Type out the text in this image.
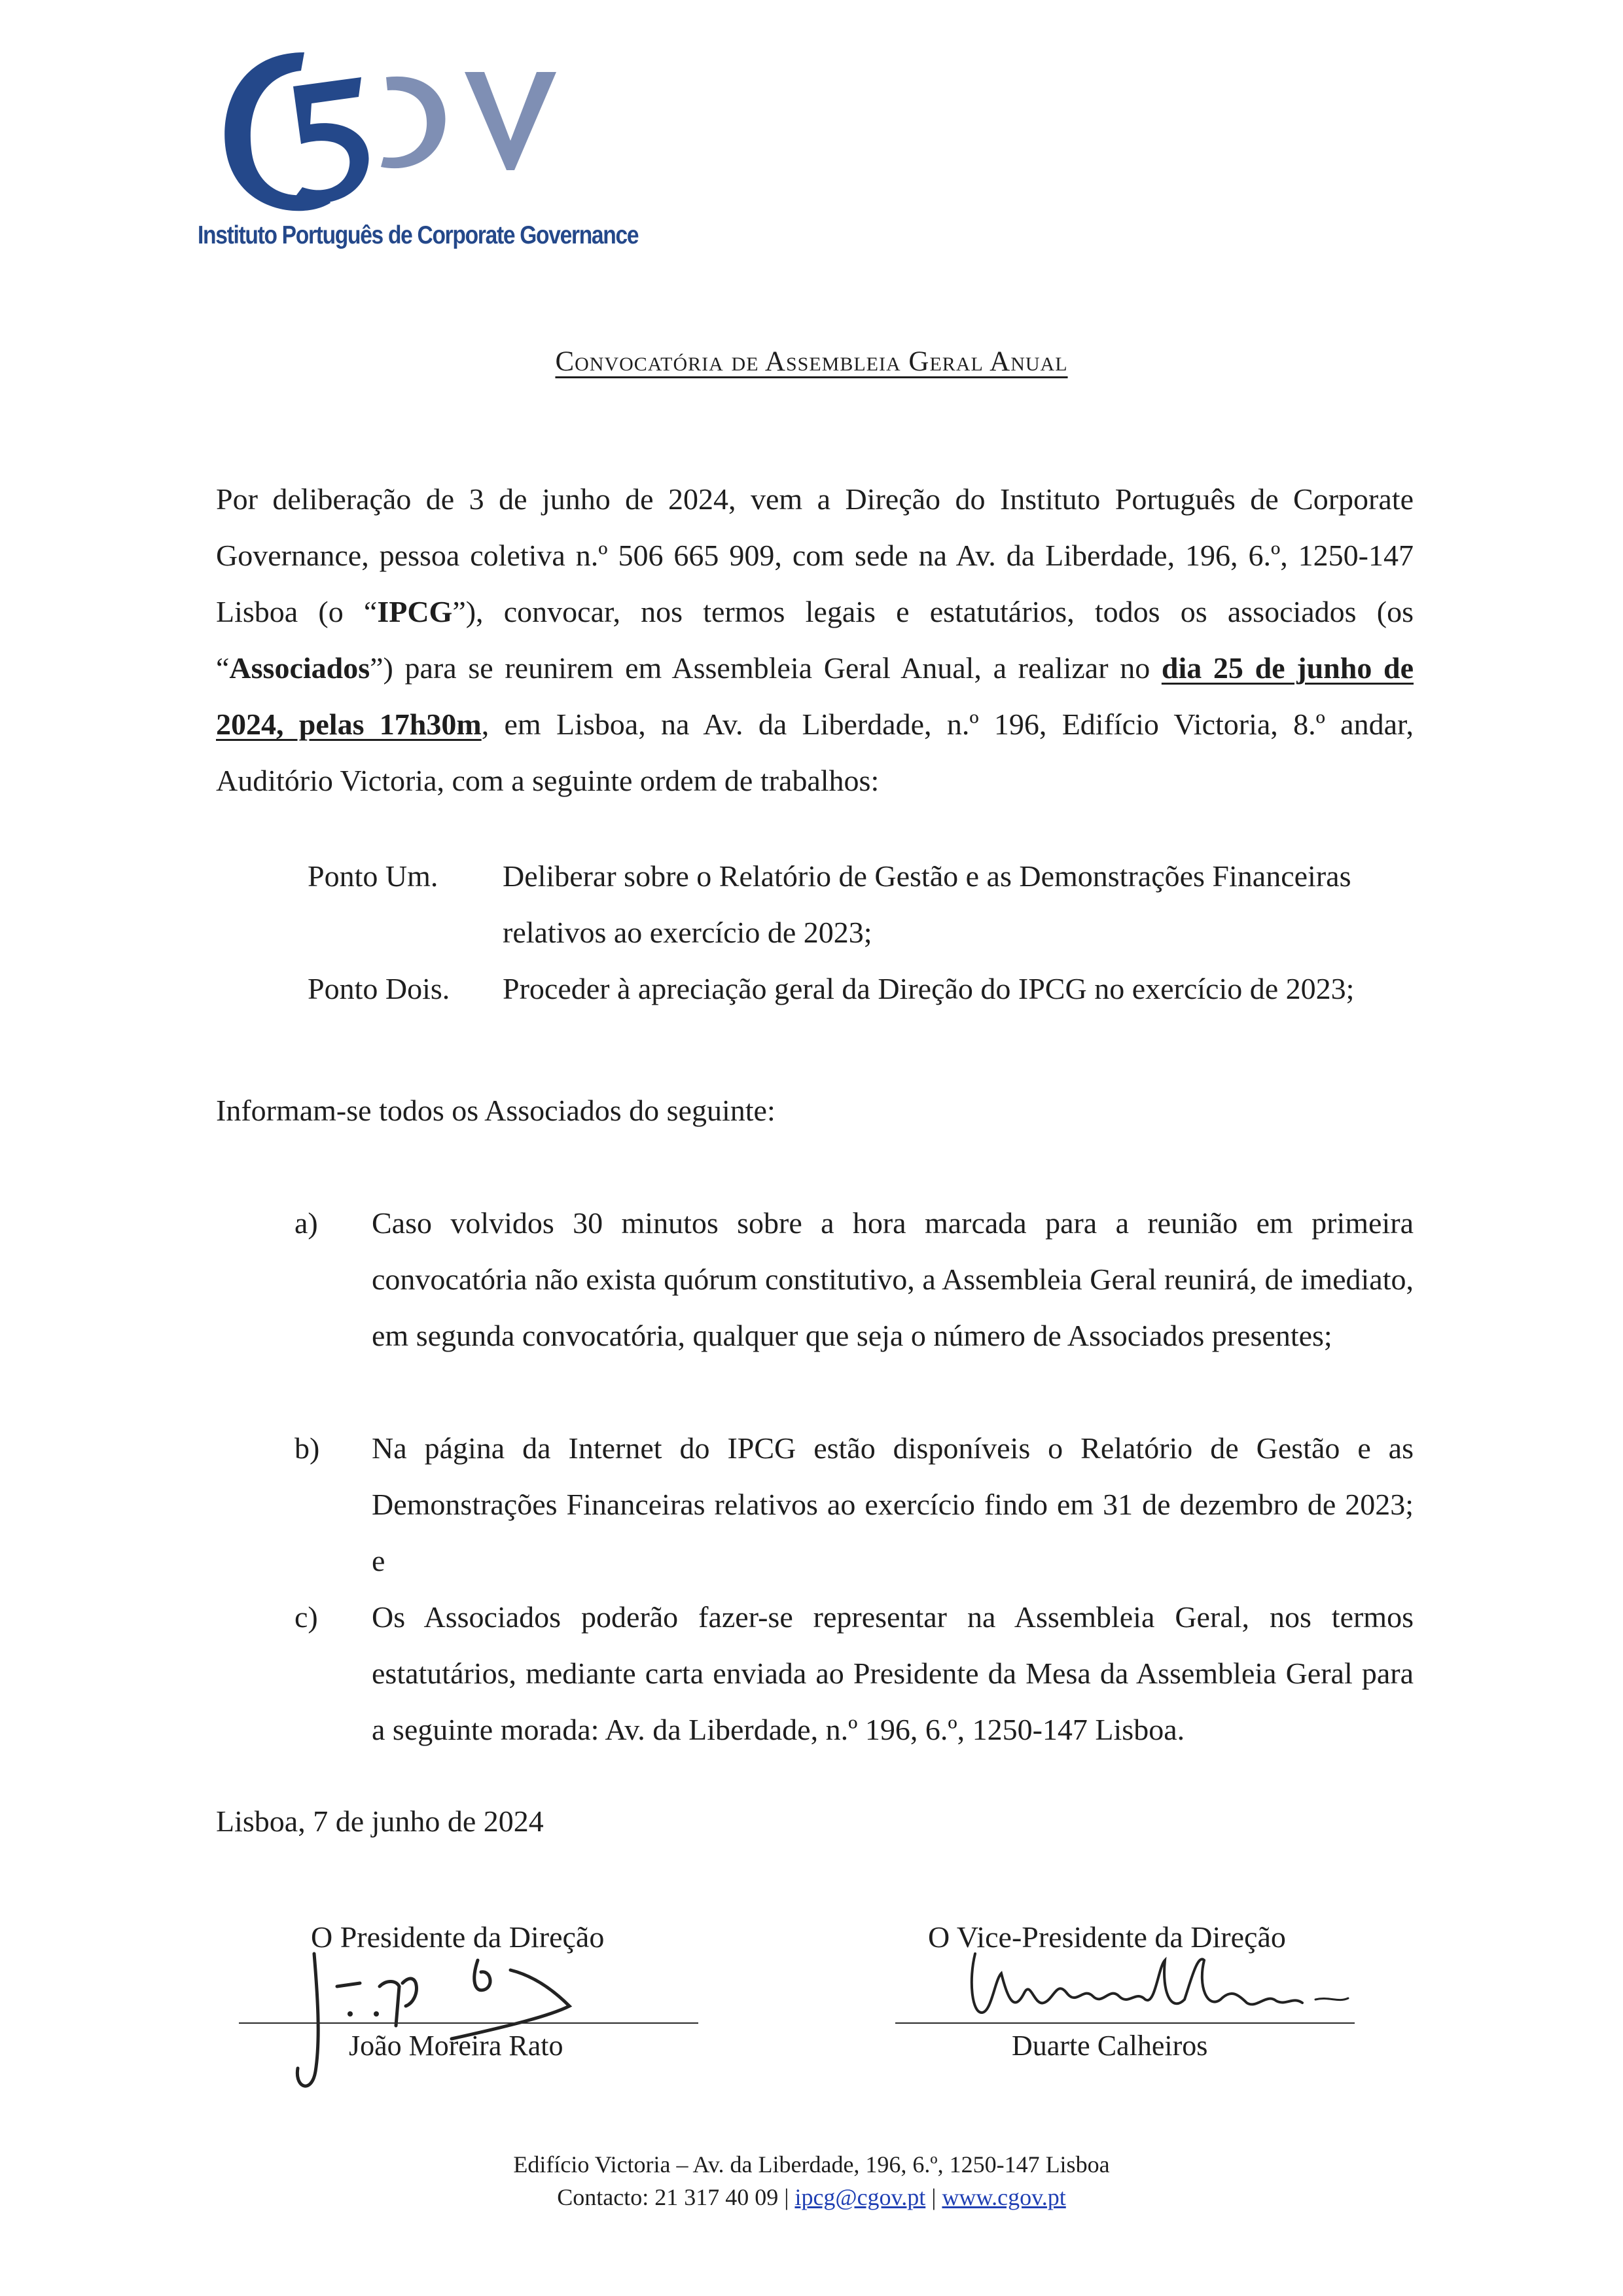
Instituto Português de Corporate Governance
Convocatória de Assembleia Geral Anual
Por deliberação de 3 de junho de 2024, vem a Direção do Instituto Português de Corporate Governance, pessoa coletiva n.º 506 665 909, com sede na Av. da Liberdade, 196, 6.º, 1250-147 Lisboa (o “IPCG”), convocar, nos termos legais e estatutários, todos os associados (os “Associados”) para se reunirem em Assembleia Geral Anual, a realizar no dia 25 de junho de 2024, pelas 17h30m, em Lisboa, na Av. da Liberdade, n.º 196, Edifício Victoria, 8.º andar, Auditório Victoria, com a seguinte ordem de trabalhos:
Ponto Um. Deliberar sobre o Relatório de Gestão e as Demonstrações Financeiras relativos ao exercício de 2023;
Ponto Dois. Proceder à apreciação geral da Direção do IPCG no exercício de 2023;
Informam-se todos os Associados do seguinte:
a) Caso volvidos 30 minutos sobre a hora marcada para a reunião em primeira convocatória não exista quórum constitutivo, a Assembleia Geral reunirá, de imediato, em segunda convocatória, qualquer que seja o número de Associados presentes;
b) Na página da Internet do IPCG estão disponíveis o Relatório de Gestão e as Demonstrações Financeiras relativos ao exercício findo em 31 de dezembro de 2023; e
c) Os Associados poderão fazer-se representar na Assembleia Geral, nos termos estatutários, mediante carta enviada ao Presidente da Mesa da Assembleia Geral para a seguinte morada: Av. da Liberdade, n.º 196, 6.º, 1250-147 Lisboa.
Lisboa, 7 de junho de 2024
O Presidente da Direção	O Vice-Presidente da Direção
João Moreira Rato	Duarte Calheiros
Edifício Victoria – Av. da Liberdade, 196, 6.º, 1250-147 Lisboa
Contacto: 21 317 40 09 | ipcg@cgov.pt | www.cgov.pt
